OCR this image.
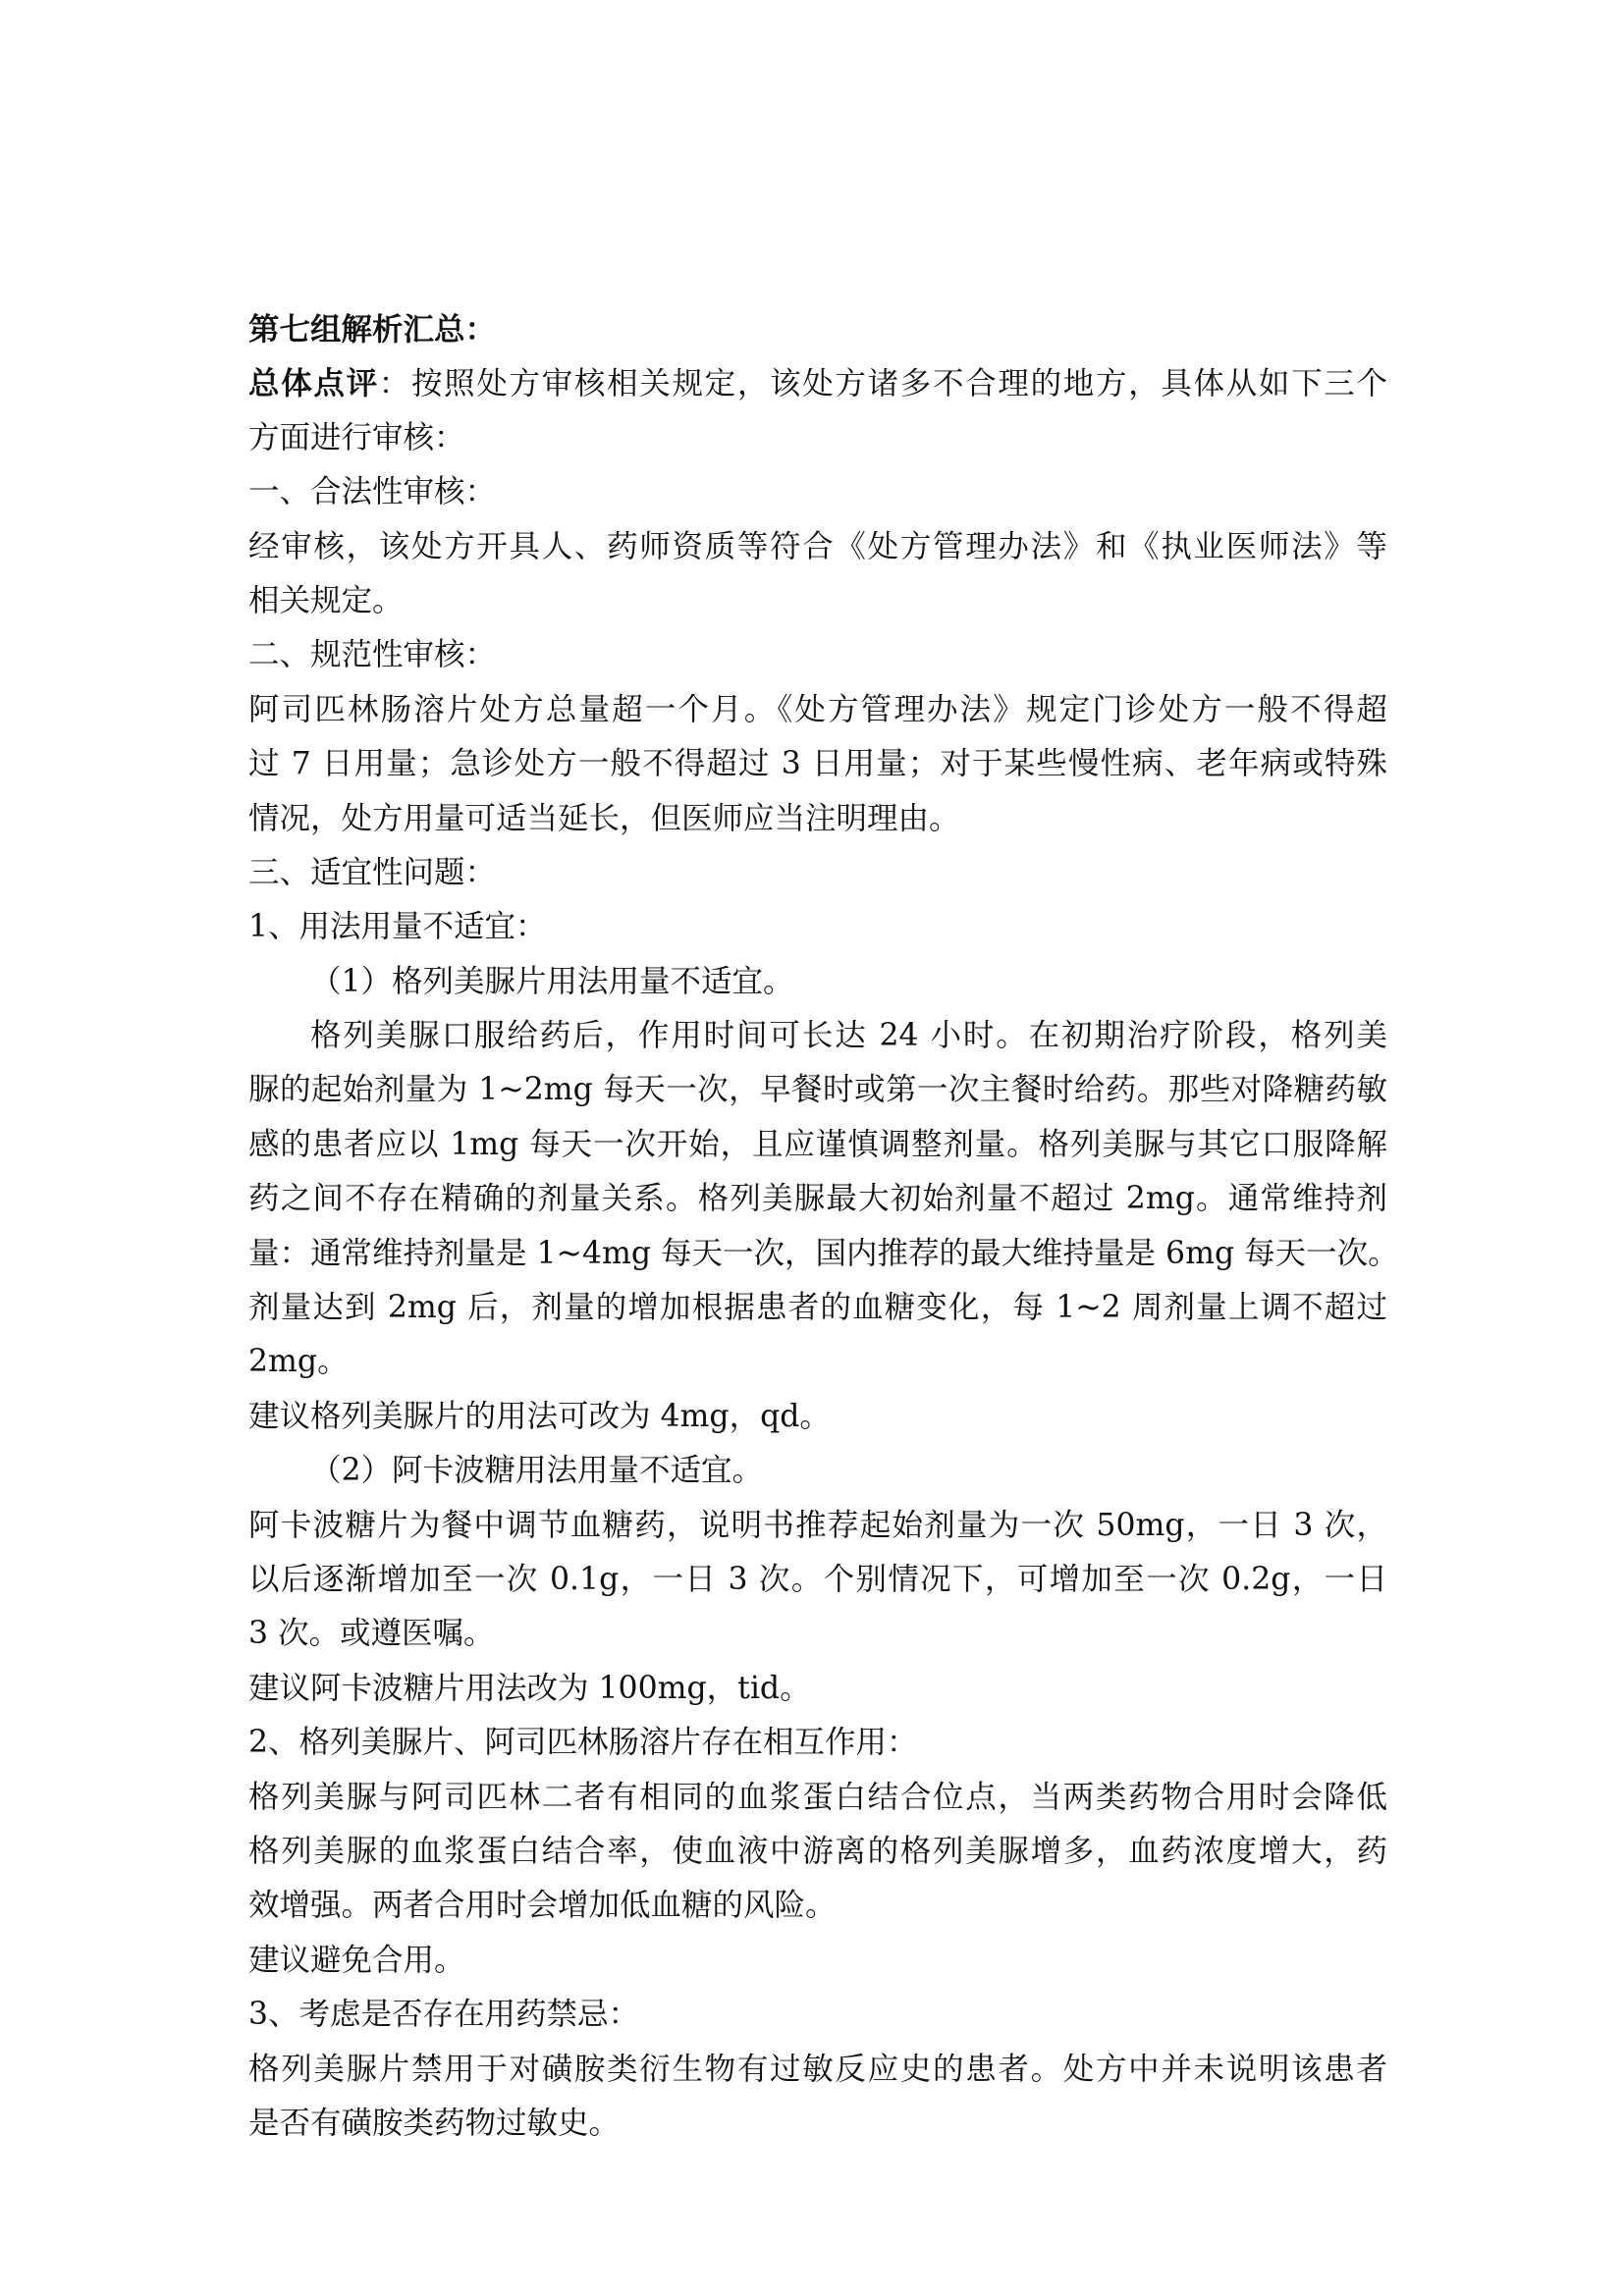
第七组解析汇总：
总体点评：按照处方审核相关规定，该处方诸多不合理的地方，具体从如下三个
方面进行审核：
一、合法性审核：
经审核，该处方开具人、药师资质等符合《处方管理办法》和《执业医师法》等
相关规定。
二、规范性审核：
阿司匹林肠溶片处方总量超一个月。《处方管理办法》规定门诊处方一般不得超
过 7 日用量；急诊处方一般不得超过 3 日用量；对于某些慢性病、老年病或特殊
情况，处方用量可适当延长，但医师应当注明理由。
三、适宜性问题：
1、用法用量不适宜：
（1）格列美脲片用法用量不适宜。
格列美脲口服给药后，作用时间可长达 24 小时。在初期治疗阶段，格列美
脲的起始剂量为 1~2mg 每天一次，早餐时或第一次主餐时给药。那些对降糖药敏
感的患者应以 1mg 每天一次开始，且应谨慎调整剂量。格列美脲与其它口服降解
药之间不存在精确的剂量关系。格列美脲最大初始剂量不超过 2mg。通常维持剂
量：通常维持剂量是 1~4mg 每天一次，国内推荐的最大维持量是 6mg 每天一次。
剂量达到 2mg 后，剂量的增加根据患者的血糖变化，每 1~2 周剂量上调不超过
2mg。
建议格列美脲片的用法可改为 4mg，qd。
（2）阿卡波糖用法用量不适宜。
阿卡波糖片为餐中调节血糖药，说明书推荐起始剂量为一次 50mg，一日 3 次，
以后逐渐增加至一次 0.1g，一日 3 次。个别情况下，可增加至一次 0.2g，一日
3 次。或遵医嘱。
建议阿卡波糖片用法改为 100mg，tid。
2、格列美脲片、阿司匹林肠溶片存在相互作用：
格列美脲与阿司匹林二者有相同的血浆蛋白结合位点，当两类药物合用时会降低
格列美脲的血浆蛋白结合率，使血液中游离的格列美脲增多，血药浓度增大，药
效增强。两者合用时会增加低血糖的风险。
建议避免合用。
3、考虑是否存在用药禁忌：
格列美脲片禁用于对磺胺类衍生物有过敏反应史的患者。处方中并未说明该患者
是否有磺胺类药物过敏史。
